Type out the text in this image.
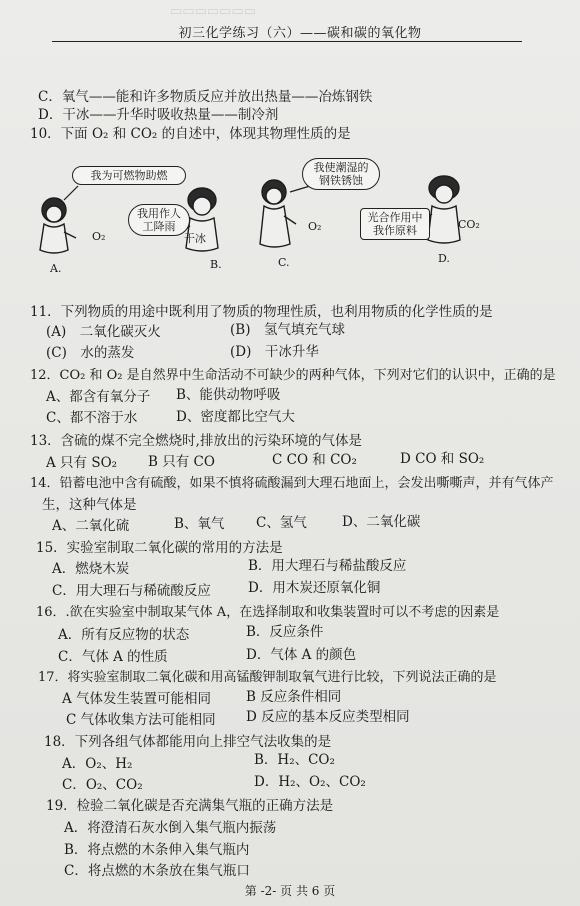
▭▭▭▭▭▭▭
初三化学练习（六）——碳和碳的氧化物
C．氧气——能和许多物质反应并放出热量——冶炼钢铁
D．干冰——升华时吸收热量——制冷剂
10．下面 O₂ 和 CO₂ 的自述中，体现其物理性质的是
我为可燃物助燃
我用作人工降雨
我使潮湿的钢铁锈蚀
光合作用中我作原料
O₂	干冰
O₂	CO₂
A.	B.	C.	D.
11．下列物质的用途中既利用了物质的物理性质，也利用物质的化学性质的是
(A)　二氧化碳灭火	(B)　氢气填充气球
(C)　水的蒸发	(D)　干冰升华
12．CO₂ 和 O₂ 是自然界中生命活动不可缺少的两种气体，下列对它们的认识中，正确的是
A、都含有氧分子 B、能供动物呼吸
C、都不溶于水	D、密度都比空气大
13．含硫的煤不完全燃烧时,排放出的污染环境的气体是
A 只有 SO₂ B 只有 CO	C CO 和 CO₂	D CO 和 SO₂
14．铅蓄电池中含有硫酸，如果不慎将硫酸漏到大理石地面上，会发出嘶嘶声，并有气体产
生，这种气体是
A、二氧化硫	B、氧气 C、氢气	D、二氧化碳
15．实验室制取二氧化碳的常用的方法是
A．燃烧木炭	B．用大理石与稀盐酸反应
C．用大理石与稀硫酸反应	D．用木炭还原氧化铜
16．.欲在实验室中制取某气体 A，在选择制取和收集装置时可以不考虑的因素是
A．所有反应物的状态	B．反应条件
C．气体 A 的性质	D．气体 A 的颜色
17．将实验室制取二氧化碳和用高锰酸钾制取氧气进行比较，下列说法正确的是
A 气体发生装置可能相同	B 反应条件相同
C 气体收集方法可能相同 D 反应的基本反应类型相同
18．下列各组气体都能用向上排空气法收集的是
A．O₂、H₂	B．H₂、CO₂
C．O₂、CO₂	D．H₂、O₂、CO₂
19．检验二氧化碳是否充满集气瓶的正确方法是
A．将澄清石灰水倒入集气瓶内振荡
B．将点燃的木条伸入集气瓶内
C．将点燃的木条放在集气瓶口
第 -2- 页 共 6 页
